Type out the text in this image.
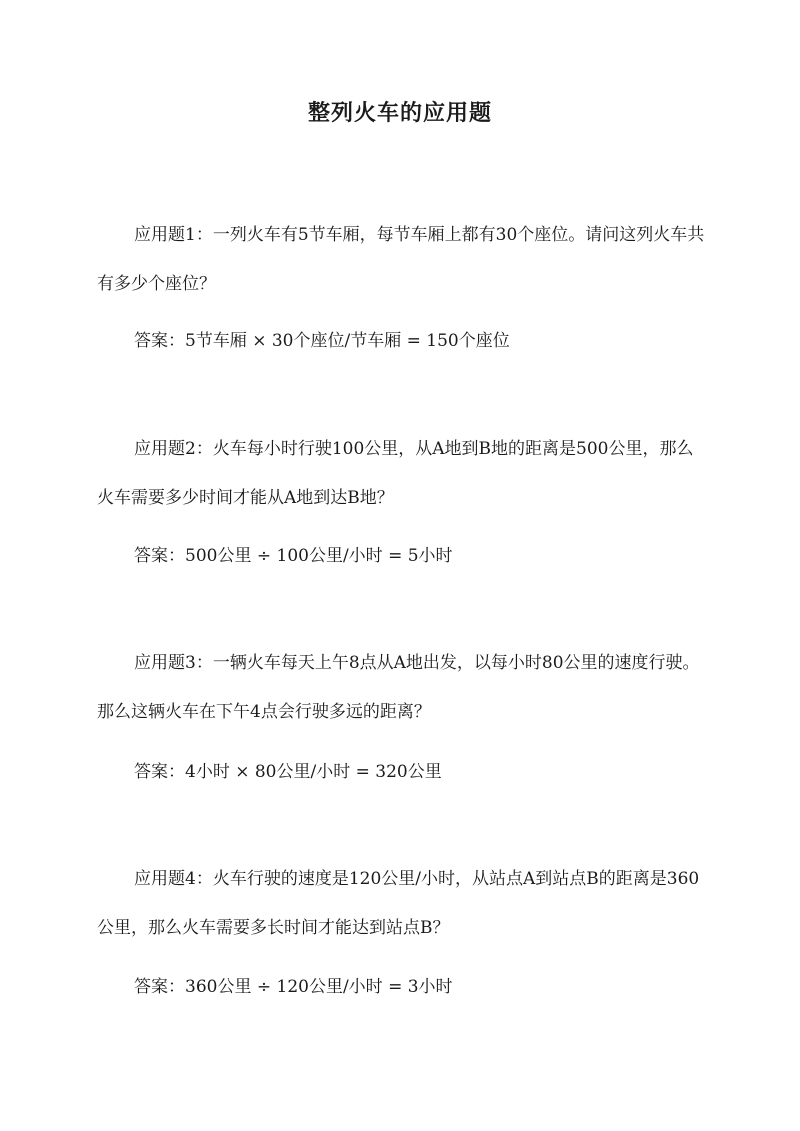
整列火车的应用题

应用题1：一列火车有5节车厢，每节车厢上都有30个座位。请问这列火车共有多少个座位？

答案：5节车厢 × 30个座位/节车厢 = 150个座位

应用题2：火车每小时行驶100公里，从A地到B地的距离是500公里，那么火车需要多少时间才能从A地到达B地？

答案：500公里 ÷ 100公里/小时 = 5小时

应用题3：一辆火车每天上午8点从A地出发，以每小时80公里的速度行驶。那么这辆火车在下午4点会行驶多远的距离？

答案：4小时 × 80公里/小时 = 320公里

应用题4：火车行驶的速度是120公里/小时，从站点A到站点B的距离是360公里，那么火车需要多长时间才能达到站点B？

答案：360公里 ÷ 120公里/小时 = 3小时
